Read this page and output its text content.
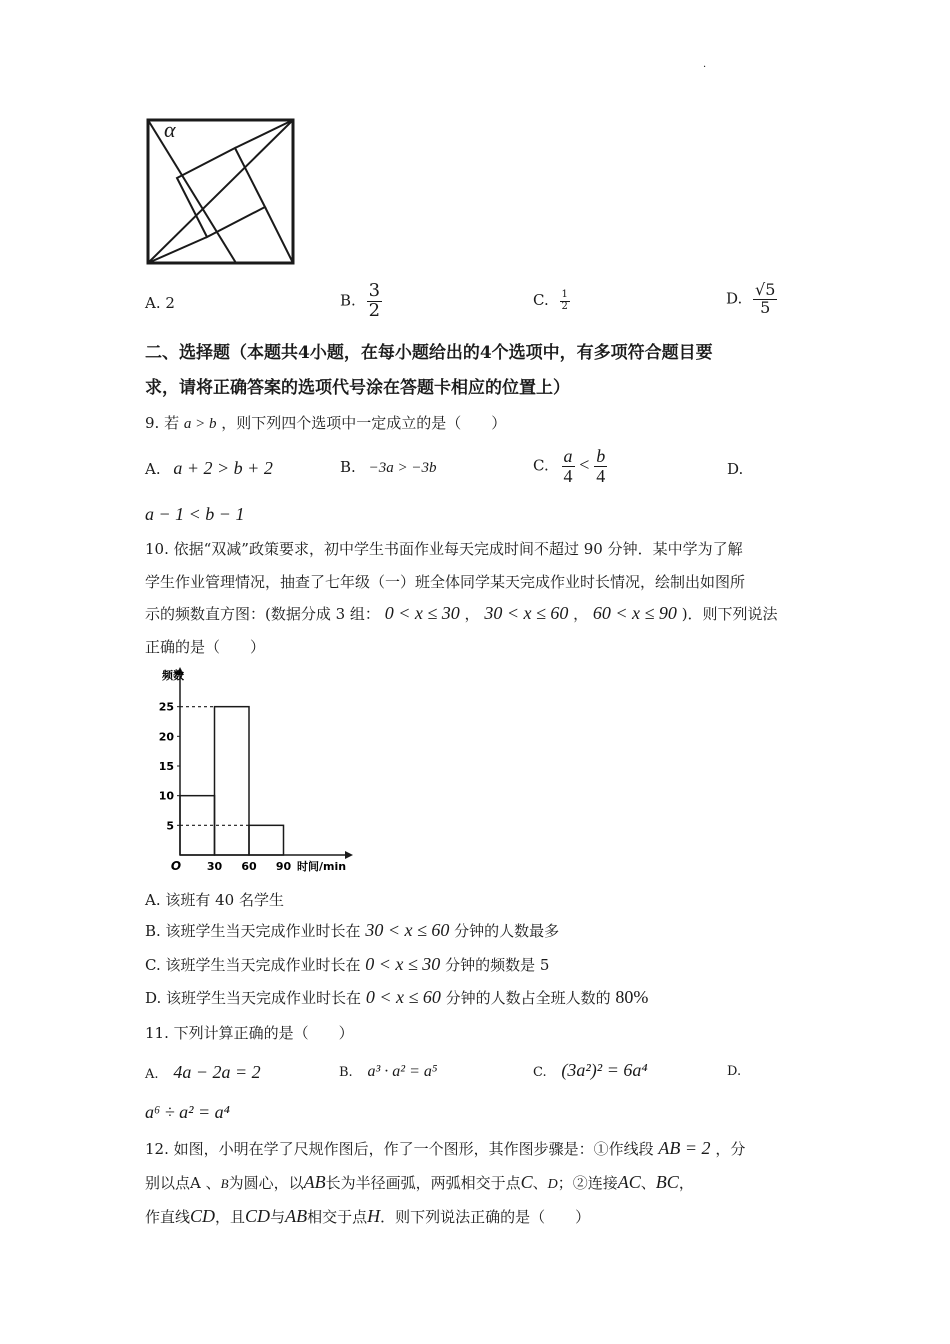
·
α
A. 2	B. $\frac{3}{2}$	C. $\frac{1}{2}$	D. $\frac{√5}{5}$
二、选择题（本题共4小题，在每小题给出的4个选项中，有多项符合题目要
求，请将正确答案的选项代号涂在答题卡相应的位置上）
9. 若 a > b ，则下列四个选项中一定成立的是（　　）
A. a + 2 > b + 2	B. −3a > −3b	C. $\frac{a}{4} < \frac{b}{4}$	D.
a − 1 < b − 1
10. 依据“双减”政策要求，初中学生书面作业每天完成时间不超过 90 分钟．某中学为了解
学生作业管理情况，抽查了七年级（一）班全体同学某天完成作业时长情况，绘制出如图所
示的频数直方图：(数据分成 3 组： 0 < x ≤ 30 ， 30 < x ≤ 60 ， 60 < x ≤ 90 )．则下列说法
正确的是（　　）
5
10
15
20
25
30 60 90
O	时间/min
频数
A. 该班有 40 名学生
B. 该班学生当天完成作业时长在 30 < x ≤ 60 分钟的人数最多
C. 该班学生当天完成作业时长在 0 < x ≤ 30 分钟的频数是 5
D. 该班学生当天完成作业时长在 0 < x ≤ 60 分钟的人数占全班人数的 80%
11. 下列计算正确的是（　　）
A. 4a − 2a = 2	B. a³ · a² = a⁵	C. (3a²)² = 6a⁴	D.
a⁶ ÷ a² = a⁴
12. 如图，小明在学了尺规作图后，作了一个图形，其作图步骤是：①作线段 AB = 2 ，分
别以点A 、B为圆心，以AB长为半径画弧，两弧相交于点C、D；②连接AC、BC，
作直线CD，且CD与AB相交于点H．则下列说法正确的是（　　）
